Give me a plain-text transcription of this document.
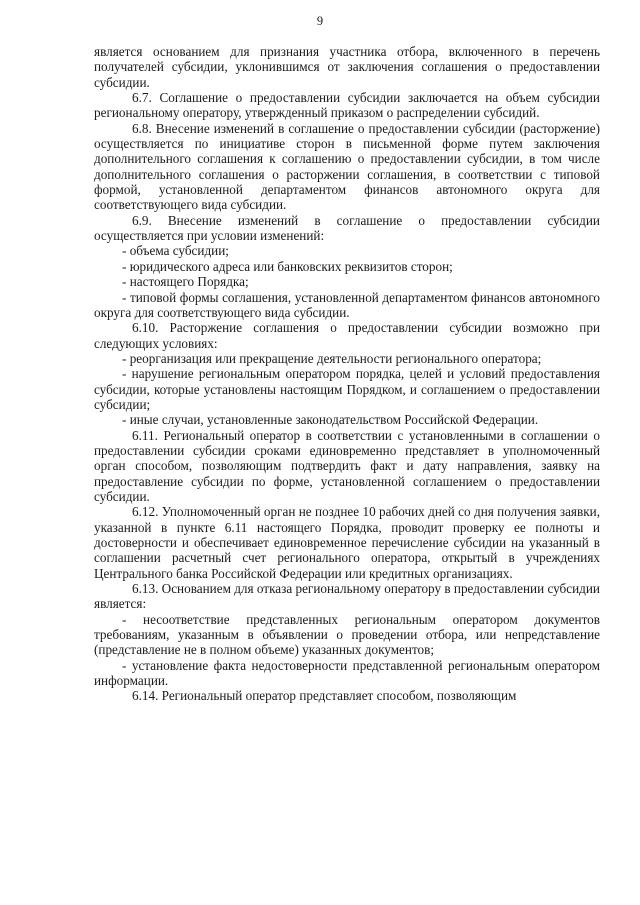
9

является основанием для признания участника отбора, включенного в перечень получателей субсидии, уклонившимся от заключения соглашения о предоставлении субсидии.

6.7. Соглашение о предоставлении субсидии заключается на объем субсидии региональному оператору, утвержденный приказом о распределении субсидий.

6.8. Внесение изменений в соглашение о предоставлении субсидии (расторжение) осуществляется по инициативе сторон в письменной форме путем заключения дополнительного соглашения к соглашению о предоставлении субсидии, в том числе дополнительного соглашения о расторжении соглашения, в соответствии с типовой формой, установленной департаментом финансов автономного округа для соответствующего вида субсидии.

6.9. Внесение изменений в соглашение о предоставлении субсидии осуществляется при условии изменений:

- объема субсидии;

- юридического адреса или банковских реквизитов сторон;

- настоящего Порядка;

- типовой формы соглашения, установленной департаментом финансов автономного округа для соответствующего вида субсидии.

6.10. Расторжение соглашения о предоставлении субсидии возможно при следующих условиях:

- реорганизация или прекращение деятельности регионального оператора;

- нарушение региональным оператором порядка, целей и условий предоставления субсидии, которые установлены настоящим Порядком, и соглашением о предоставлении субсидии;

- иные случаи, установленные законодательством Российской Федерации.

6.11. Региональный оператор в соответствии с установленными в соглашении о предоставлении субсидии сроками единовременно представляет в уполномоченный орган способом, позволяющим подтвердить факт и дату направления, заявку на предоставление субсидии по форме, установленной соглашением о предоставлении субсидии.

6.12. Уполномоченный орган не позднее 10 рабочих дней со дня получения заявки, указанной в пункте 6.11 настоящего Порядка, проводит проверку ее полноты и достоверности и обеспечивает единовременное перечисление субсидии на указанный в соглашении расчетный счет регионального оператора, открытый в учреждениях Центрального банка Российской Федерации или кредитных организациях.

6.13. Основанием для отказа региональному оператору в предоставлении субсидии является:

- несоответствие представленных региональным оператором документов требованиям, указанным в объявлении о проведении отбора, или непредставление (представление не в полном объеме) указанных документов;

- установление факта недостоверности представленной региональным оператором информации.

6.14. Региональный оператор представляет способом, позволяющим
